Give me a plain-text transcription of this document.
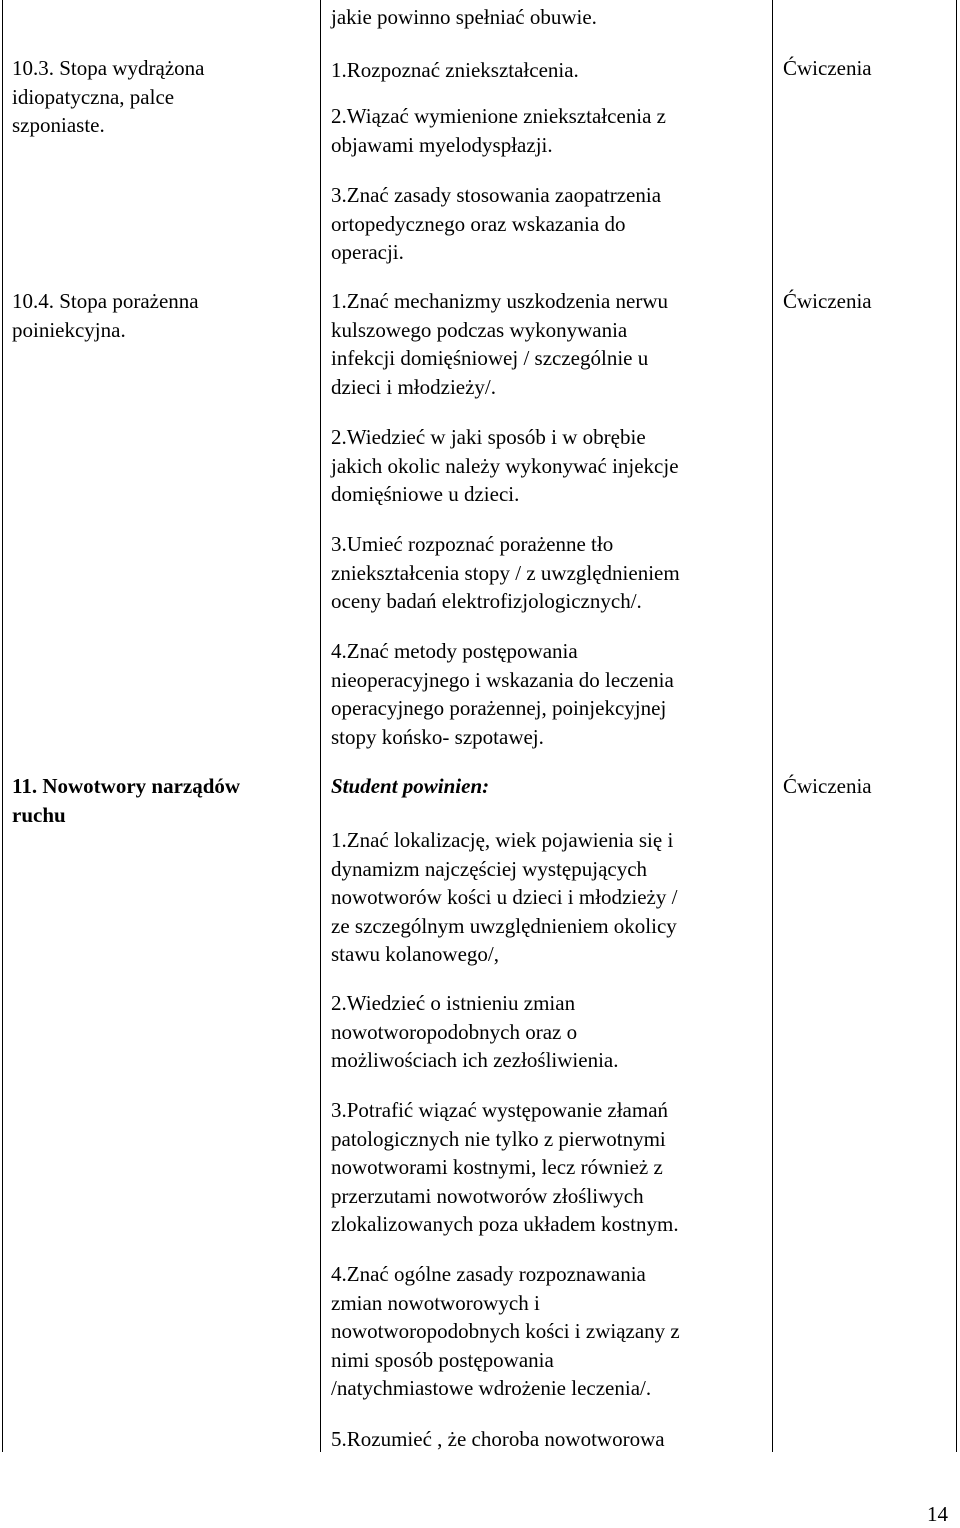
10.3. Stopa wydrążona
idiopatyczna, palce
szponiaste.

jakie powinno spełniać obuwie.

1.Rozpoznać zniekształcenia.

2.Wiązać wymienione zniekształcenia z
objawami myelodyspłazji.

3.Znać zasady stosowania zaopatrzenia
ortopedycznego oraz wskazania do
operacji.

Ćwiczenia

10.4. Stopa porażenna
poiniekcyjna.

1.Znać mechanizmy uszkodzenia nerwu
kulszowego podczas wykonywania
infekcji domięśniowej / szczególnie u
dzieci i młodzieży/.

2.Wiedzieć w jaki sposób i w obrębie
jakich okolic należy wykonywać injekcje
domięśniowe u dzieci.

3.Umieć rozpoznać porażenne tło
zniekształcenia stopy / z uwzględnieniem
oceny badań elektrofizjologicznych/.

4.Znać metody postępowania
nieoperacyjnego i wskazania do leczenia
operacyjnego porażennej, poinjekcyjnej
stopy końsko- szpotawej.

Ćwiczenia

11. Nowotwory narządów
ruchu

Student powinien:

1.Znać lokalizację, wiek pojawienia się i
dynamizm najczęściej występujących
nowotworów kości u dzieci i młodzieży /
ze szczególnym uwzględnieniem okolicy
stawu kolanowego/,

2.Wiedzieć o istnieniu zmian
nowotworopodobnych oraz o
możliwościach ich zezłośliwienia.

3.Potrafić wiązać występowanie złamań
patologicznych nie tylko z pierwotnymi
nowotworami kostnymi, lecz również z
przerzutami nowotworów złośliwych
zlokalizowanych poza układem kostnym.

4.Znać ogólne zasady rozpoznawania
zmian nowotworowych i
nowotworopodobnych kości i związany z
nimi sposób postępowania
/natychmiastowe wdrożenie leczenia/.

5.Rozumieć , że choroba nowotworowa

Ćwiczenia

14
